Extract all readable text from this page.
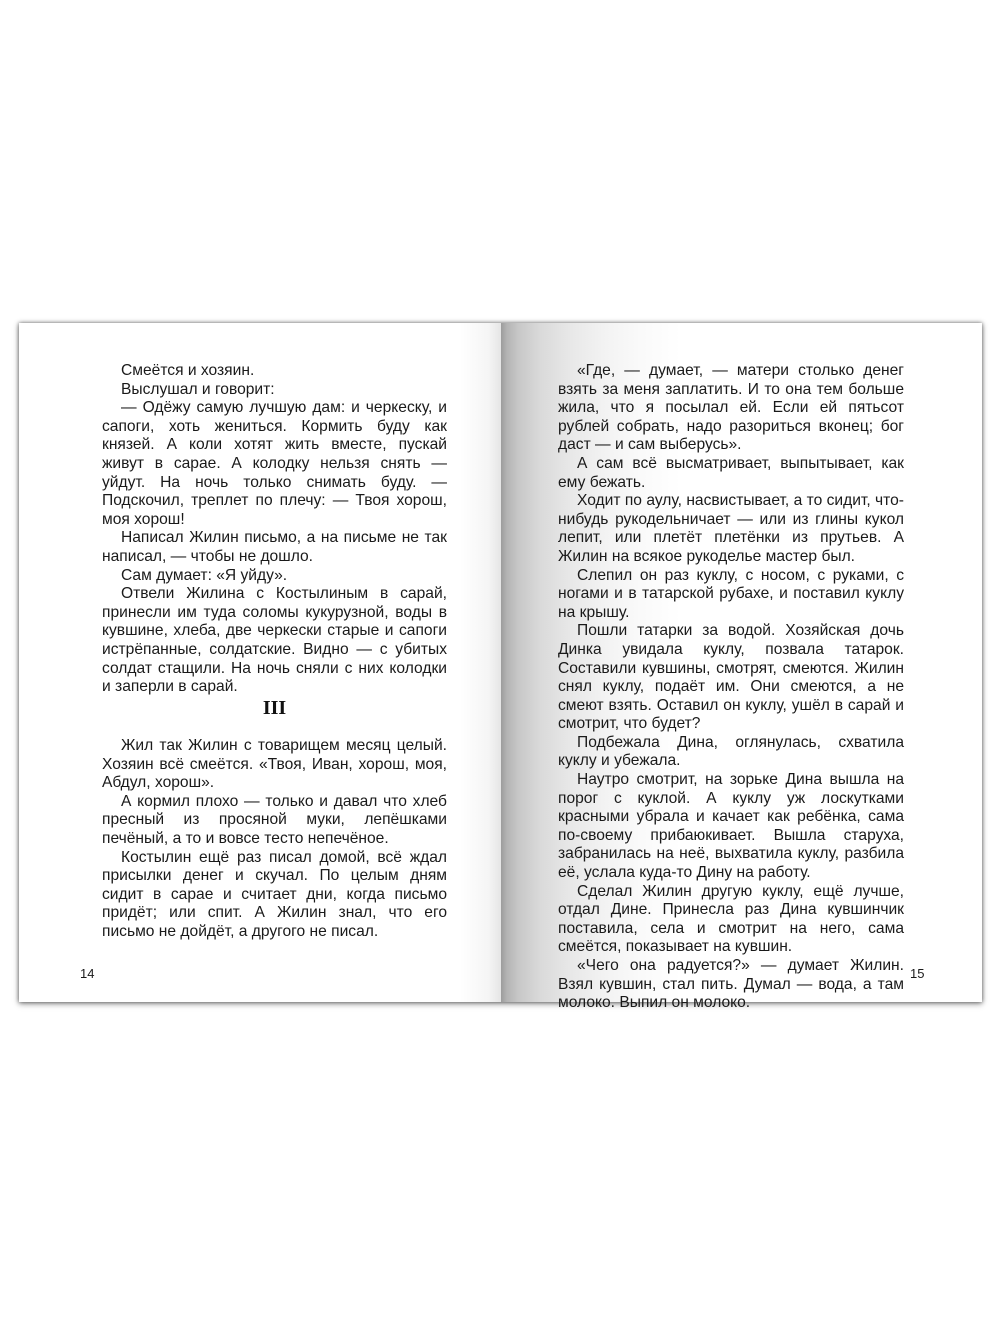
Смеётся и хозяин.

Выслушал и говорит:

— Одёжу самую лучшую дам: и черкеску, и сапоги, хоть жениться. Кормить буду как князей. А коли хотят жить вместе, пускай живут в сарае. А колодку нельзя снять — уйдут. На ночь только снимать буду. — Подскочил, треплет по плечу: — Твоя хорош, моя хорош!

Написал Жилин письмо, а на письме не так написал, — чтобы не дошло.

Сам думает: «Я уйду».

Отвели Жилина с Костылиным в сарай, принесли им туда соломы кукурузной, воды в кувшине, хлеба, две черкески старые и сапоги истрёпанные, солдатские. Видно — с убитых солдат стащили. На ночь сняли с них колодки и заперли в сарай.

III

Жил так Жилин с товарищем месяц целый. Хозяин всё смеётся. «Твоя, Иван, хорош, моя, Абдул, хорош».

А кормил плохо — только и давал что хлеб пресный из просяной муки, лепёшками печёный, а то и вовсе тесто непечёное.

Костылин ещё раз писал домой, всё ждал присылки денег и скучал. По целым дням сидит в сарае и считает дни, когда письмо придёт; или спит. А Жилин знал, что его письмо не дойдёт, а другого не писал.

14

«Где, — думает, — матери столько денег взять за меня заплатить. И то она тем больше жила, что я посылал ей. Если ей пятьсот рублей собрать, надо разориться вконец; бог даст — и сам выберусь».

А сам всё высматривает, выпытывает, как ему бежать.

Ходит по аулу, насвистывает, а то сидит, что-нибудь рукодельничает — или из глины кукол лепит, или плетёт плетёнки из прутьев. А Жилин на всякое рукоделье мастер был.

Слепил он раз куклу, с носом, с руками, с ногами и в татарской рубахе, и поставил куклу на крышу.

Пошли татарки за водой. Хозяйская дочь Динка увидала куклу, позвала татарок. Составили кувшины, смотрят, смеются. Жилин снял куклу, подаёт им. Они смеются, а не смеют взять. Оставил он куклу, ушёл в сарай и смотрит, что будет?

Подбежала Дина, оглянулась, схватила куклу и убежала.

Наутро смотрит, на зорьке Дина вышла на порог с куклой. А куклу уж лоскутками красными убрала и качает как ребёнка, сама по-своему прибаюкивает. Вышла старуха, забранилась на неё, выхватила куклу, разбила её, услала куда-то Дину на работу.

Сделал Жилин другую куклу, ещё лучше, отдал Дине. Принесла раз Дина кувшинчик поставила, села и смотрит на него, сама смеётся, показывает на кувшин.

«Чего она радуется?» — думает Жилин. Взял кувшин, стал пить. Думал — вода, а там молоко. Выпил он молоко.

15
